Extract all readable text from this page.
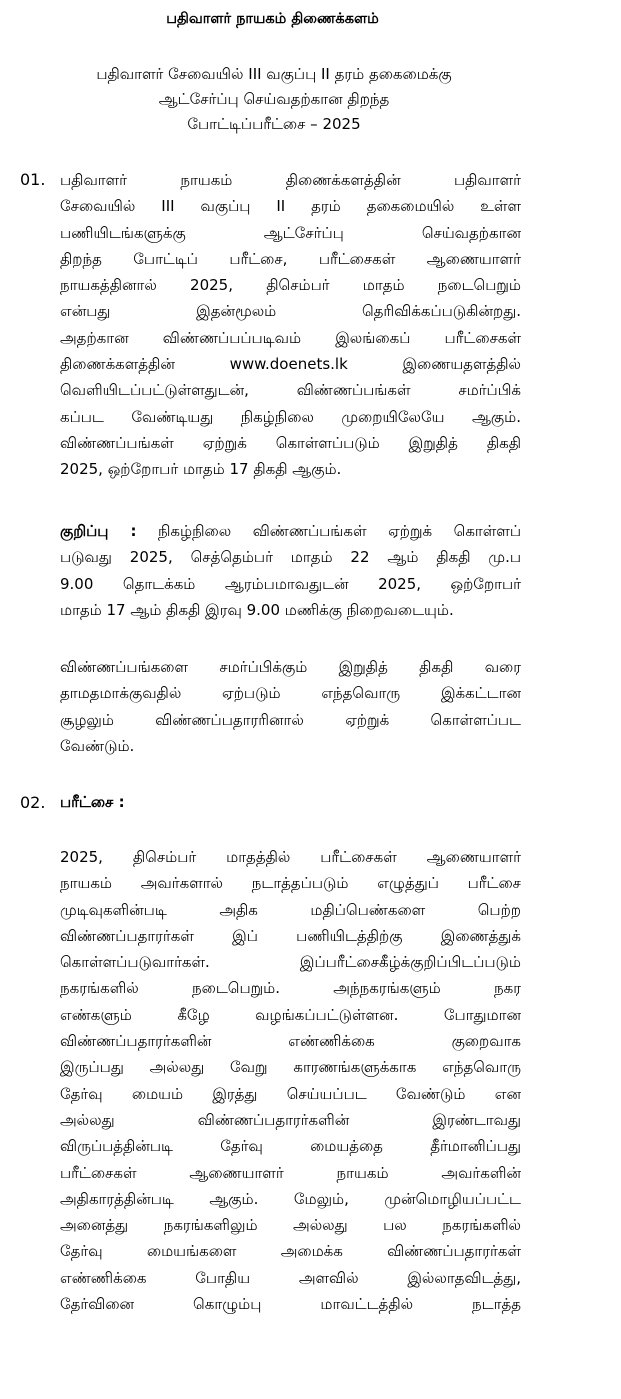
பதிவாளர் நாயகம் திணைக்களம்
பதிவாளர் சேவையில் III வகுப்பு II தரம் தகைமைக்கு
ஆட்சேர்ப்பு செய்வதற்கான திறந்த
போட்டிப்பரீட்சை – 2025
01. பதிவாளர் நாயகம் திணைக்களத்தின் பதிவாளர்
சேவையில் III வகுப்பு II தரம் தகைமையில் உள்ள
பணியிடங்களுக்கு ஆட்சேர்ப்பு செய்வதற்கான
திறந்த போட்டிப் பரீட்சை, பரீட்சைகள் ஆணையாளர்
நாயகத்தினால் 2025, திசெம்பர் மாதம் நடைபெறும்
என்பது இதன்மூலம் தெரிவிக்கப்படுகின்றது.
அதற்கான விண்ணப்பப்படிவம் இலங்கைப் பரீட்சைகள்
திணைக்களத்தின் www.doenets.lk இணையதளத்தில்
வெளியிடப்பட்டுள்ளதுடன், விண்ணப்பங்கள் சமர்ப்பிக்
கப்பட வேண்டியது நிகழ்நிலை முறையிலேயே ஆகும்.
விண்ணப்பங்கள் ஏற்றுக் கொள்ளப்படும் இறுதித் திகதி
2025, ஒற்றோபர் மாதம் 17 திகதி ஆகும்.
குறிப்பு : நிகழ்நிலை விண்ணப்பங்கள் ஏற்றுக் கொள்ளப்
படுவது 2025, செத்தெம்பர் மாதம் 22 ஆம் திகதி மு.ப
9.00 தொடக்கம் ஆரம்பமாவதுடன் 2025, ஒற்றோபர்
மாதம் 17 ஆம் திகதி இரவு 9.00 மணிக்கு நிறைவடையும்.
விண்ணப்பங்களை சமர்ப்பிக்கும் இறுதித் திகதி வரை
தாமதமாக்குவதில் ஏற்படும் எந்தவொரு இக்கட்டான
சூழலும் விண்ணப்பதாரரினால் ஏற்றுக் கொள்ளப்பட
வேண்டும்.
02. பரீட்சை :
2025, திசெம்பர் மாதத்தில் பரீட்சைகள் ஆணையாளர்
நாயகம் அவர்களால் நடாத்தப்படும் எழுத்துப் பரீட்சை
முடிவுகளின்படி அதிக மதிப்பெண்களை பெற்ற
விண்ணப்பதாரர்கள் இப் பணியிடத்திற்கு இணைத்துக்
கொள்ளப்படுவார்கள். இப்பரீட்சைகீழ்க்குறிப்பிடப்படும்
நகரங்களில் நடைபெறும். அந்நகரங்களும் நகர
எண்களும் கீழே வழங்கப்பட்டுள்ளன. போதுமான
விண்ணப்பதாரர்களின் எண்ணிக்கை குறைவாக
இருப்பது அல்லது வேறு காரணங்களுக்காக எந்தவொரு
தேர்வு மையம் இரத்து செய்யப்பட வேண்டும் என
அல்லது விண்ணப்பதாரர்களின் இரண்டாவது
விருப்பத்தின்படி தேர்வு மையத்தை தீர்மானிப்பது
பரீட்சைகள் ஆணையாளர் நாயகம் அவர்களின்
அதிகாரத்தின்படி ஆகும். மேலும், முன்மொழியப்பட்ட
அனைத்து நகரங்களிலும் அல்லது பல நகரங்களில்
தேர்வு மையங்களை அமைக்க விண்ணப்பதாரர்கள்
எண்ணிக்கை போதிய அளவில் இல்லாதவிடத்து,
தேர்வினை கொழும்பு மாவட்டத்தில் நடாத்த
